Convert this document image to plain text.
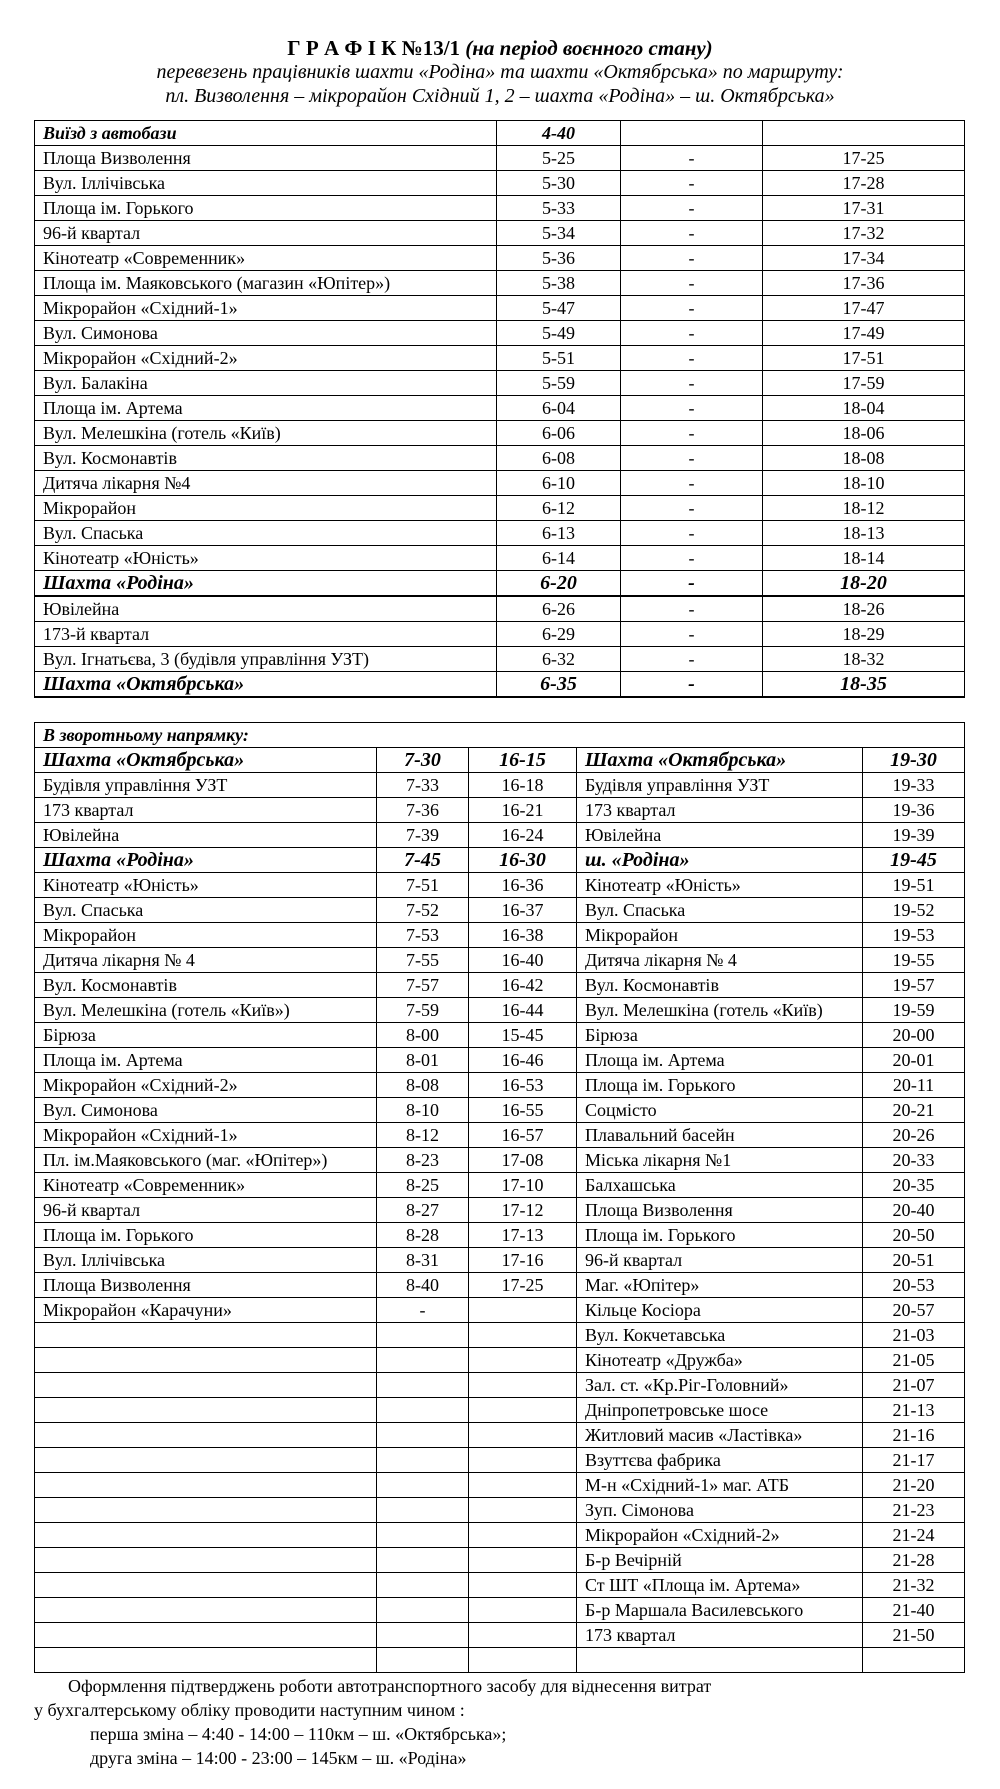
Г Р А Ф І К №13/1 (на період воєнного стану)
перевезень працівників шахти «Родіна» та шахти «Октябрська» по маршруту:
пл. Визволення – мікрорайон Східний 1, 2 – шахта «Родіна» – ш. Октябрська»
Виїзд з автобази	4-40		
Площа Визволення	5-25	-	17-25
Вул. Іллічівська	5-30	-	17-28
Площа ім. Горького	5-33	-	17-31
96-й квартал	5-34	-	17-32
Кінотеатр «Современник»	5-36	-	17-34
Площа ім. Маяковського (магазин «Юпітер»)	5-38	-	17-36
Мікрорайон «Східний-1»	5-47	-	17-47
Вул. Симонова	5-49	-	17-49
Мікрорайон «Східний-2»	5-51	-	17-51
Вул. Балакіна	5-59	-	17-59
Площа ім. Артема	6-04	-	18-04
Вул. Мелешкіна (готель «Київ)	6-06	-	18-06
Вул. Космонавтів	6-08	-	18-08
Дитяча лікарня №4	6-10	-	18-10
Мікрорайон	6-12	-	18-12
Вул. Спаська	6-13	-	18-13
Кінотеатр «Юність»	6-14	-	18-14
Шахта «Родіна»	6-20	-	18-20
Ювілейна	6-26	-	18-26
173-й квартал	6-29	-	18-29
Вул. Ігнатьєва, 3 (будівля управління УЗТ)	6-32	-	18-32
Шахта «Октябрська»	6-35	-	18-35
В зворотньому напрямку:				
Шахта «Октябрська»	7-30	16-15	Шахта «Октябрська»	19-30
Будівля управління УЗТ	7-33	16-18	Будівля управління УЗТ	19-33
173 квартал	7-36	16-21	173 квартал	19-36
Ювілейна	7-39	16-24	Ювілейна	19-39
Шахта «Родіна»	7-45	16-30	ш. «Родіна»	19-45
Кінотеатр «Юність»	7-51	16-36	Кінотеатр «Юність»	19-51
Вул. Спаська	7-52	16-37	Вул. Спаська	19-52
Мікрорайон	7-53	16-38	Мікрорайон	19-53
Дитяча лікарня № 4	7-55	16-40	Дитяча лікарня № 4	19-55
Вул. Космонавтів	7-57	16-42	Вул. Космонавтів	19-57
Вул. Мелешкіна (готель «Київ»)	7-59	16-44	Вул. Мелешкіна (готель «Київ)	19-59
Бірюза	8-00	15-45	Бірюза	20-00
Площа ім. Артема	8-01	16-46	Площа ім. Артема	20-01
Мікрорайон «Східний-2»	8-08	16-53	Площа ім. Горького	20-11
Вул. Симонова	8-10	16-55	Соцмісто	20-21
Мікрорайон «Східний-1»	8-12	16-57	Плавальний басейн	20-26
Пл. ім.Маяковського (маг. «Юпітер»)	8-23	17-08	Міська лікарня №1	20-33
Кінотеатр «Современник»	8-25	17-10	Балхашська	20-35
96-й квартал	8-27	17-12	Площа Визволення	20-40
Площа ім. Горького	8-28	17-13	Площа ім. Горького	20-50
Вул. Іллічівська	8-31	17-16	96-й квартал	20-51
Площа Визволення	8-40	17-25	Маг. «Юпітер»	20-53
Мікрорайон «Карачуни»	-		Кільце Косіора	20-57
			Вул. Кокчетавська	21-03
			Кінотеатр «Дружба»	21-05
			Зал. ст. «Кр.Ріг-Головний»	21-07
			Дніпропетровське шосе	21-13
			Житловий масив «Ластівка»	21-16
			Взуттєва фабрика	21-17
			М-н «Східний-1» маг. АТБ	21-20
			Зуп. Сімонова	21-23
			Мікрорайон «Східний-2»	21-24
			Б-р Вечірній	21-28
			Ст ШТ «Площа ім. Артема»	21-32
			Б-р Маршала Василевського	21-40
			173 квартал	21-50

Оформлення підтверджень роботи автотранспортного засобу для віднесення витрат
у бухгалтерському обліку проводити наступним чином :
перша зміна – 4:40 - 14:00 – 110км – ш. «Октябрська»;
друга зміна – 14:00 - 23:00 – 145км – ш. «Родіна»
